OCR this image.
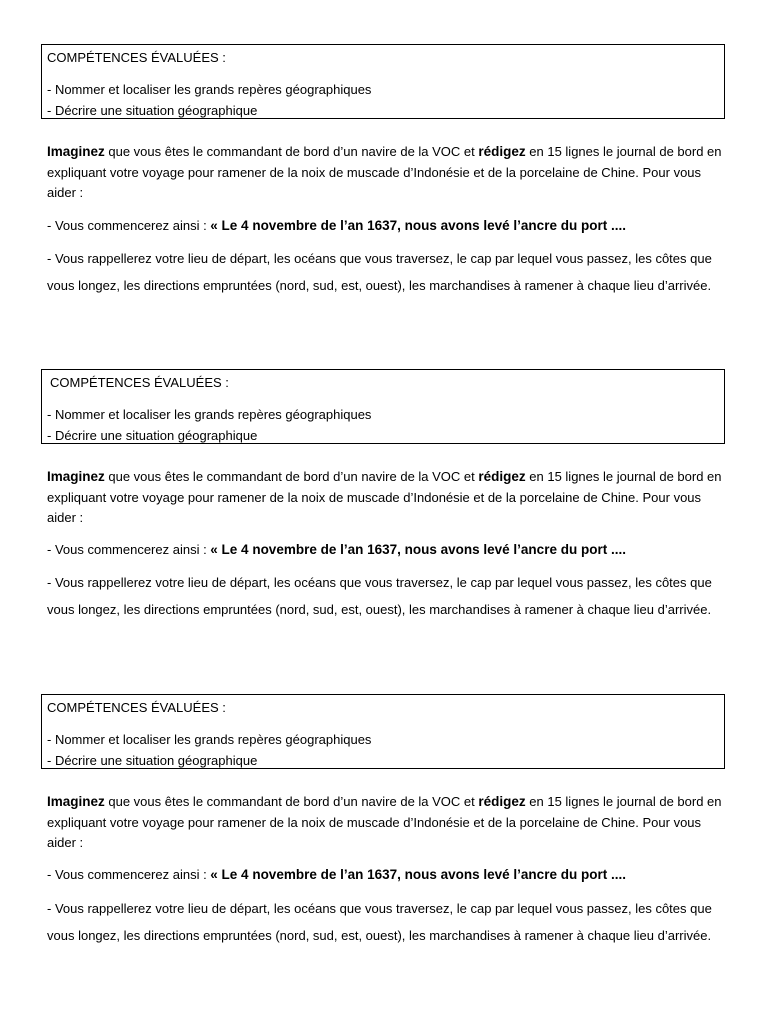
COMPÉTENCES ÉVALUÉES :
- Nommer et localiser les grands repères géographiques
- Décrire une situation géographique
Imaginez que vous êtes le commandant de bord d’un navire de la VOC et rédigez en 15 lignes le journal de bord en expliquant votre voyage pour ramener de la noix de muscade d’Indonésie et de la porcelaine de Chine. Pour vous aider :
- Vous commencerez ainsi : « Le 4 novembre de l’an 1637, nous avons levé l’ancre du port ....
- Vous rappellerez votre lieu de départ, les océans que vous traversez, le cap par lequel vous passez, les côtes que vous longez, les directions empruntées (nord, sud, est, ouest), les marchandises à ramener à chaque lieu d’arrivée.
COMPÉTENCES ÉVALUÉES :
- Nommer et localiser les grands repères géographiques
- Décrire une situation géographique
Imaginez que vous êtes le commandant de bord d’un navire de la VOC et rédigez en 15 lignes le journal de bord en expliquant votre voyage pour ramener de la noix de muscade d’Indonésie et de la porcelaine de Chine. Pour vous aider :
- Vous commencerez ainsi : « Le 4 novembre de l’an 1637, nous avons levé l’ancre du port ....
- Vous rappellerez votre lieu de départ, les océans que vous traversez, le cap par lequel vous passez, les côtes que vous longez, les directions empruntées (nord, sud, est, ouest), les marchandises à ramener à chaque lieu d’arrivée.
COMPÉTENCES ÉVALUÉES :
- Nommer et localiser les grands repères géographiques
- Décrire une situation géographique
Imaginez que vous êtes le commandant de bord d’un navire de la VOC et rédigez en 15 lignes le journal de bord en expliquant votre voyage pour ramener de la noix de muscade d’Indonésie et de la porcelaine de Chine. Pour vous aider :
- Vous commencerez ainsi : « Le 4 novembre de l’an 1637, nous avons levé l’ancre du port ....
- Vous rappellerez votre lieu de départ, les océans que vous traversez, le cap par lequel vous passez, les côtes que vous longez, les directions empruntées (nord, sud, est, ouest), les marchandises à ramener à chaque lieu d’arrivée.
